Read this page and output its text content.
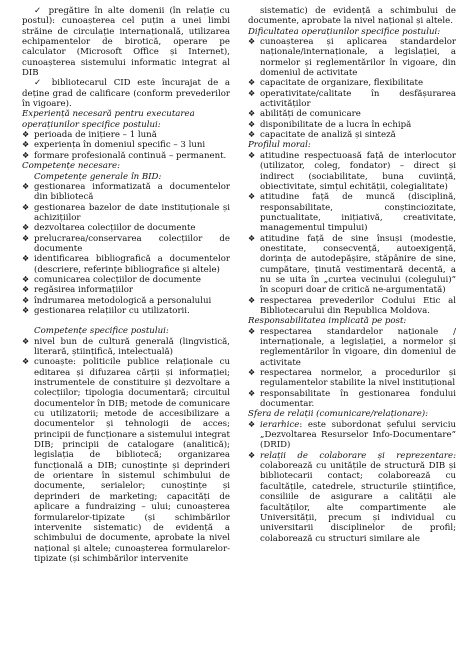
✓ pregătire în alte domenii (în relație cu postul): cunoașterea cel puțin a unei limbi străine de circulație internațională, utilizarea echipamentelor de birotică, operare pe calculator (Microsoft Office și Internet), cunoașterea sistemului informatic integrat al DIB

✓ bibliotecarul CID este încurajat de a deține grad de calificare (conform prevederilor în vigoare).

Experiență necesară pentru executarea operațiunilor specifice postului:

❖ perioada de inițiere – 1 lună
❖ experiența în domeniul specific – 3 luni
❖ formare profesională continuă – permanent.

Competențe necesare:

Competențe generale în BID:

❖ gestionarea informatizată a documentelor din bibliotecă
❖ gestionarea bazelor de date instituționale și achizițiilor
❖ dezvoltarea colecțiilor de documente
❖ prelucrarea/conservarea colecțiilor de documente
❖ identificarea bibliografică a documentelor (descriere, referințe bibliografice și altele)
❖ comunicarea colecțiilor de documente
❖ regăsirea informațiilor
❖ îndrumarea metodologică a personalului
❖ gestionarea relațiilor cu utilizatorii.

Competențe specifice postului:

❖ nivel bun de cultură generală (lingvistică, literară, științifică, intelectuală)
❖ cunoaște: politicile publice relaționale cu editarea și difuzarea cărții și informației; instrumentele de constituire și dezvoltare a colecțiilor; tipologia documentară; circuitul documentelor în DIB; metode de comunicare cu utilizatorii; metode de accesibilizare a documentelor și tehnologii de acces; principii de funcționare a sistemului integrat DIB; principii de catalogare (analitică); legislația de bibliotecă; organizarea funcțională a DIB; cunoștințe și deprinderi de orientare în sistemul schimbului de documente, serialelor; cunoștințe și deprinderi de marketing; capacități de aplicare a fundraizing – ului; cunoașterea formularelor-tipizate (și schimbărilor intervenite sistematic) de evidență a schimbului de documente, aprobate la nivel național și altele; cunoașterea formularelor-tipizate (și schimbărilor intervenite

sistematic) de evidență a schimbului de documente, aprobate la nivel național și altele.

Dificultatea operațiunilor specifice postului:

❖ cunoașterea și aplicarea standardelor naționale/internaționale, a legislației, a normelor și reglementărilor în vigoare, din domeniul de activitate
❖ capacitate de organizare, flexibilitate
❖ operativitate/calitate în desfășurarea activităților
❖ abilități de comunicare
❖ disponibilitate de a lucra în echipă
❖ capacitate de analiză și sinteză

Profilul moral:

❖ atitudine respectuoasă față de interlocutor (utilizator, coleg, fondator) – direct și indirect (sociabilitate, buna cuviință, obiectivitate, simțul echității, colegialitate)
❖ atitudine față de muncă (disciplină, responsabilitate, conștinciozitate, punctualitate, inițiativă, creativitate, managementul timpului)
❖ atitudine față de sine însuși (modestie, onestitate, consecvență, autoexigență, dorința de autodepășire, stăpânire de sine, cumpătare, ținută vestimentară decentă, a nu se uita în „curtea vecinului (colegului)” în scopuri doar de critică ne-argumentată)
❖ respectarea prevederilor Codului Etic al Bibliotecarului din Republica Moldova.

Responsabilitatea implicată pe post:

❖ respectarea standardelor naționale / internaționale, a legislației, a normelor și reglementărilor în vigoare, din domeniul de activitate
❖ respectarea normelor, a procedurilor și regulamentelor stabilite la nivel instituțional
❖ responsabilitate în gestionarea fondului documentar.

Sfera de relații (comunicare/relaționare):

❖ ierarhice: este subordonat șefului serviciu „Dezvoltarea Resurselor Info-Documentare” (DRID)
❖ relații de colaborare și reprezentare: colaborează cu unitățile de structură DIB și bibliotecarii contact; colaborează cu facultățile, catedrele, structurile științifice, consiliile de asigurare a calității ale facultăților, alte compartimente ale Universității, precum și individual cu universitarii disciplinelor de profil; colaborează cu structuri similare ale
